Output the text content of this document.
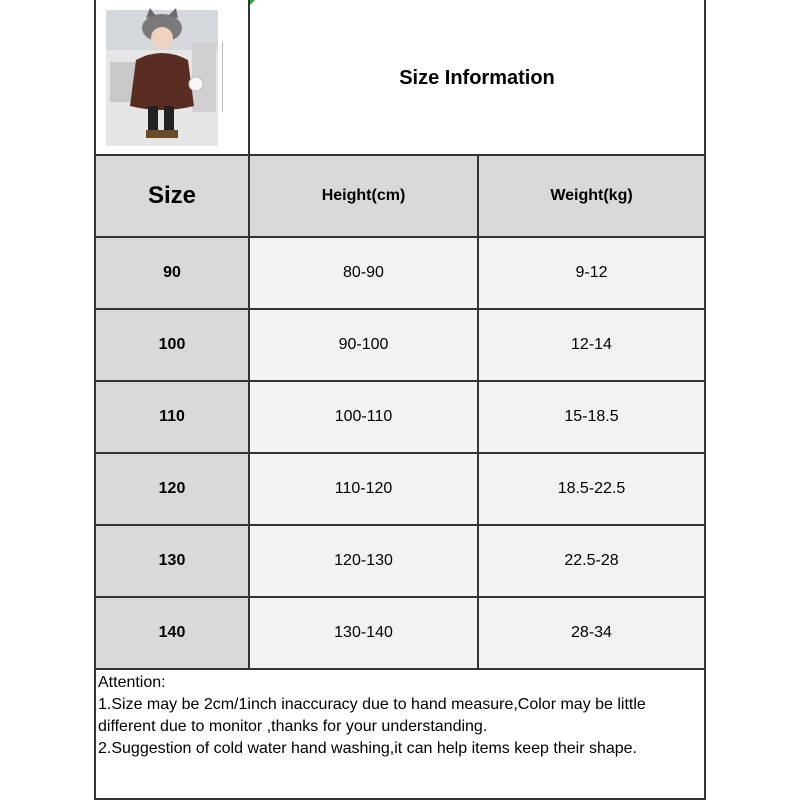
Size Information
Size	Height(cm)	Weight(kg)
90	80-90	9-12
100	90-100	12-14
110	100-110	15-18.5
120	110-120	18.5-22.5
130	120-130	22.5-28
140	130-140	28-34
Attention:
1.Size may be 2cm/1inch inaccuracy due to hand measure,Color may be little different due to monitor ,thanks for your understanding.
2.Suggestion of cold water hand washing,it can help items keep their shape.
